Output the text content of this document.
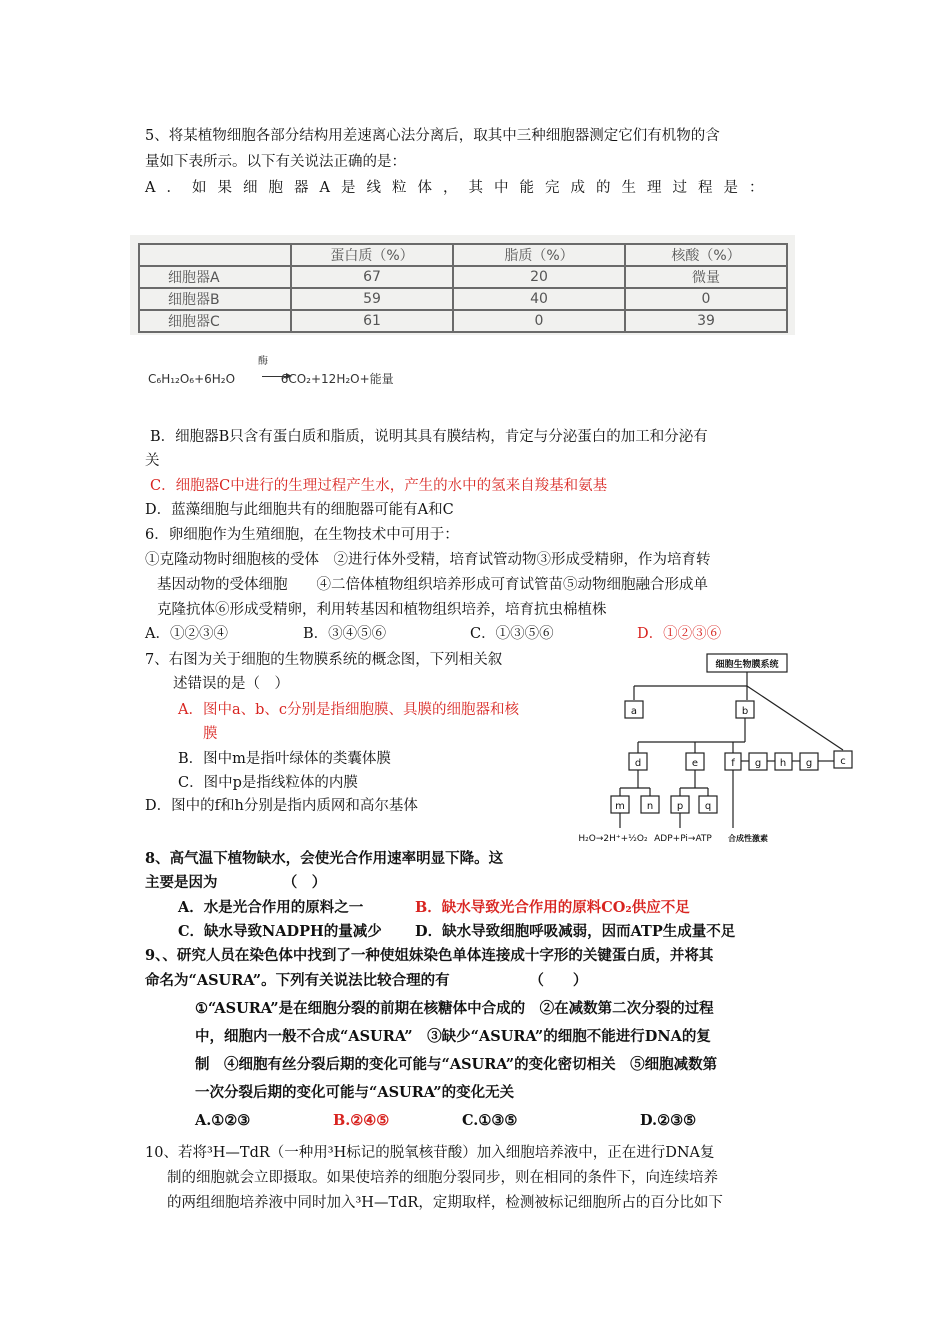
5、将某植物细胞各部分结构用差速离心法分离后，取其中三种细胞器测定它们有机物的含
量如下表所示。以下有关说法正确的是：
A．如果细胞器A是线粒体，其中能完成的生理过程是：
	蛋白质（%）	脂质（%）	核酸（%）
细胞器A	67	20	微量
细胞器B	59	40	0
细胞器C	61	0	39
酶
C₆H₁₂O₆+6H₂O	6CO₂+12H₂O+能量
B．细胞器B只含有蛋白质和脂质，说明其具有膜结构，肯定与分泌蛋白的加工和分泌有
关
C．细胞器C中进行的生理过程产生水，产生的水中的氢来自羧基和氨基
D．蓝藻细胞与此细胞共有的细胞器可能有A和C
6．卵细胞作为生殖细胞，在生物技术中可用于：
①克隆动物时细胞核的受体　②进行体外受精，培育试管动物③形成受精卵，作为培育转
基因动物的受体细胞　　④二倍体植物组织培养形成可育试管苗⑤动物细胞融合形成单
克隆抗体⑥形成受精卵，利用转基因和植物组织培养，培育抗虫棉植株
A．①②③④	B．③④⑤⑥	C．①③⑤⑥	D．①②③⑥
7、右图为关于细胞的生物膜系统的概念图，下列相关叙
述错误的是（　）
A．图中a、b、c分别是指细胞膜、具膜的细胞器和核
膜
B．图中m是指叶绿体的类囊体膜
C．图中p是指线粒体的内膜
D．图中的f和h分别是指内质网和高尔基体
细胞生物膜系统
a	b
c
d	e	f g h g
m n p q
H₂O→2H⁺+½O₂ ADP+Pi→ATP 合成性激素
8、高气温下植物缺水，会使光合作用速率明显下降。这
主要是因为　　　　　（　）
A．水是光合作用的原料之一	B．缺水导致光合作用的原料CO₂供应不足
C．缺水导致NADPH的量减少 D．缺水导致细胞呼吸减弱，因而ATP生成量不足
9、、研究人员在染色体中找到了一种使姐妹染色单体连接成十字形的关键蛋白质，并将其
命名为“ASURA”。下列有关说法比较合理的有　　　　　　（　　）
①“ASURA”是在细胞分裂的前期在核糖体中合成的　②在减数第二次分裂的过程
中，细胞内一般不合成“ASURA”　③缺少“ASURA”的细胞不能进行DNA的复
制　④细胞有丝分裂后期的变化可能与“ASURA”的变化密切相关　⑤细胞减数第
一次分裂后期的变化可能与“ASURA”的变化无关
A.①②③	B.②④⑤	C.①③⑤	D.②③⑤
10、若将³H—TdR（一种用³H标记的脱氧核苷酸）加入细胞培养液中，正在进行DNA复
制的细胞就会立即摄取。如果使培养的细胞分裂同步，则在相同的条件下，向连续培养
的两组细胞培养液中同时加入³H—TdR，定期取样，检测被标记细胞所占的百分比如下
